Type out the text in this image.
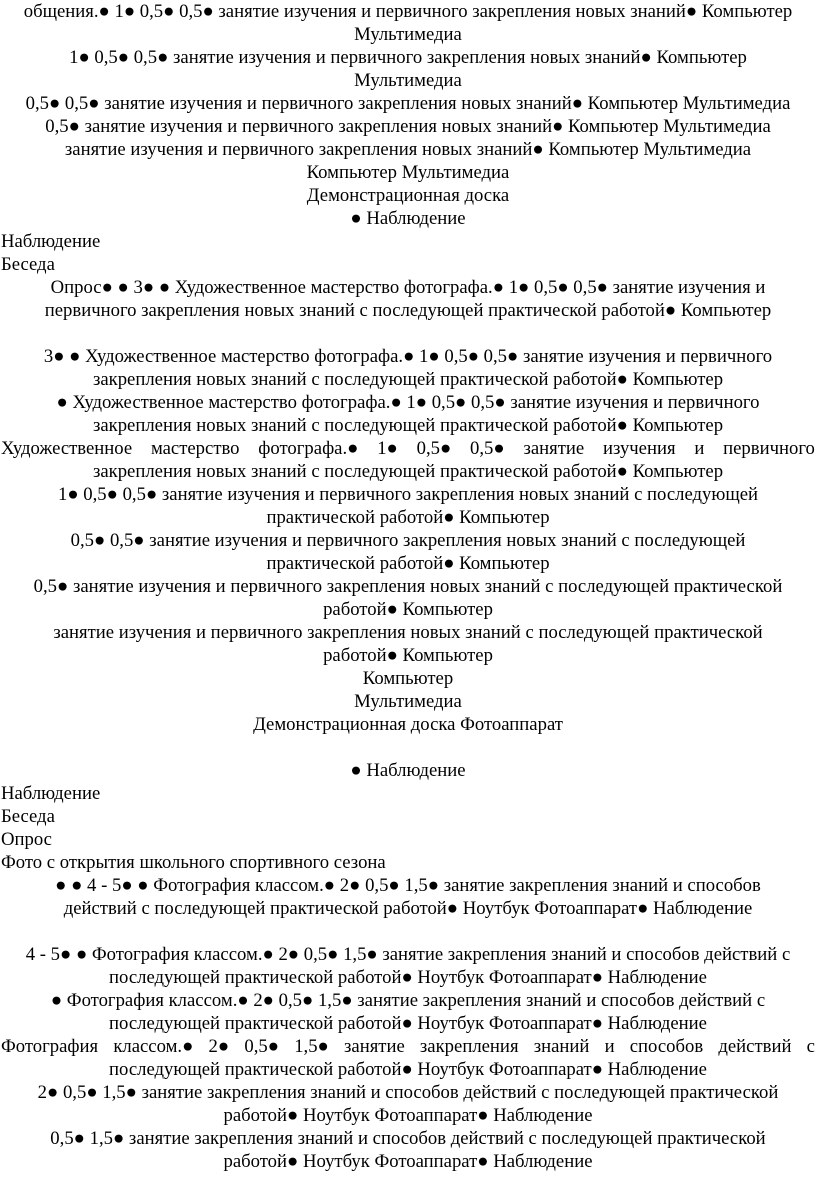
общения.● 1● 0,5● 0,5● занятие изучения и первичного закрепления новых знаний● Компьютер
Мультимедиа
1● 0,5● 0,5● занятие изучения и первичного закрепления новых знаний● Компьютер
Мультимедиа
0,5● 0,5● занятие изучения и первичного закрепления новых знаний● Компьютер Мультимедиа
0,5● занятие изучения и первичного закрепления новых знаний● Компьютер Мультимедиа
занятие изучения и первичного закрепления новых знаний● Компьютер Мультимедиа
Компьютер Мультимедиа
Демонстрационная доска
● Наблюдение
Наблюдение
Беседа
Опрос● ● 3● ● Художественное мастерство фотографа.● 1● 0,5● 0,5● занятие изучения и
первичного закрепления новых знаний с последующей практической работой● Компьютер
3● ● Художественное мастерство фотографа.● 1● 0,5● 0,5● занятие изучения и первичного
закрепления новых знаний с последующей практической работой● Компьютер
● Художественное мастерство фотографа.● 1● 0,5● 0,5● занятие изучения и первичного
закрепления новых знаний с последующей практической работой● Компьютер
Художественное мастерство фотографа.● 1● 0,5● 0,5● занятие изучения и первичного
закрепления новых знаний с последующей практической работой● Компьютер
1● 0,5● 0,5● занятие изучения и первичного закрепления новых знаний с последующей
практической работой● Компьютер
0,5● 0,5● занятие изучения и первичного закрепления новых знаний с последующей
практической работой● Компьютер
0,5● занятие изучения и первичного закрепления новых знаний с последующей практической
работой● Компьютер
занятие изучения и первичного закрепления новых знаний с последующей практической
работой● Компьютер
Компьютер
Мультимедиа
Демонстрационная доска Фотоаппарат
● Наблюдение
Наблюдение
Беседа
Опрос
Фото с открытия школьного спортивного сезона
● ● 4 - 5● ● Фотография классом.● 2● 0,5● 1,5● занятие закрепления знаний и способов
действий с последующей практической работой● Ноутбук Фотоаппарат● Наблюдение
4 - 5● ● Фотография классом.● 2● 0,5● 1,5● занятие закрепления знаний и способов действий с
последующей практической работой● Ноутбук Фотоаппарат● Наблюдение
● Фотография классом.● 2● 0,5● 1,5● занятие закрепления знаний и способов действий с
последующей практической работой● Ноутбук Фотоаппарат● Наблюдение
Фотография классом.● 2● 0,5● 1,5● занятие закрепления знаний и способов действий с
последующей практической работой● Ноутбук Фотоаппарат● Наблюдение
2● 0,5● 1,5● занятие закрепления знаний и способов действий с последующей практической
работой● Ноутбук Фотоаппарат● Наблюдение
0,5● 1,5● занятие закрепления знаний и способов действий с последующей практической
работой● Ноутбук Фотоаппарат● Наблюдение
